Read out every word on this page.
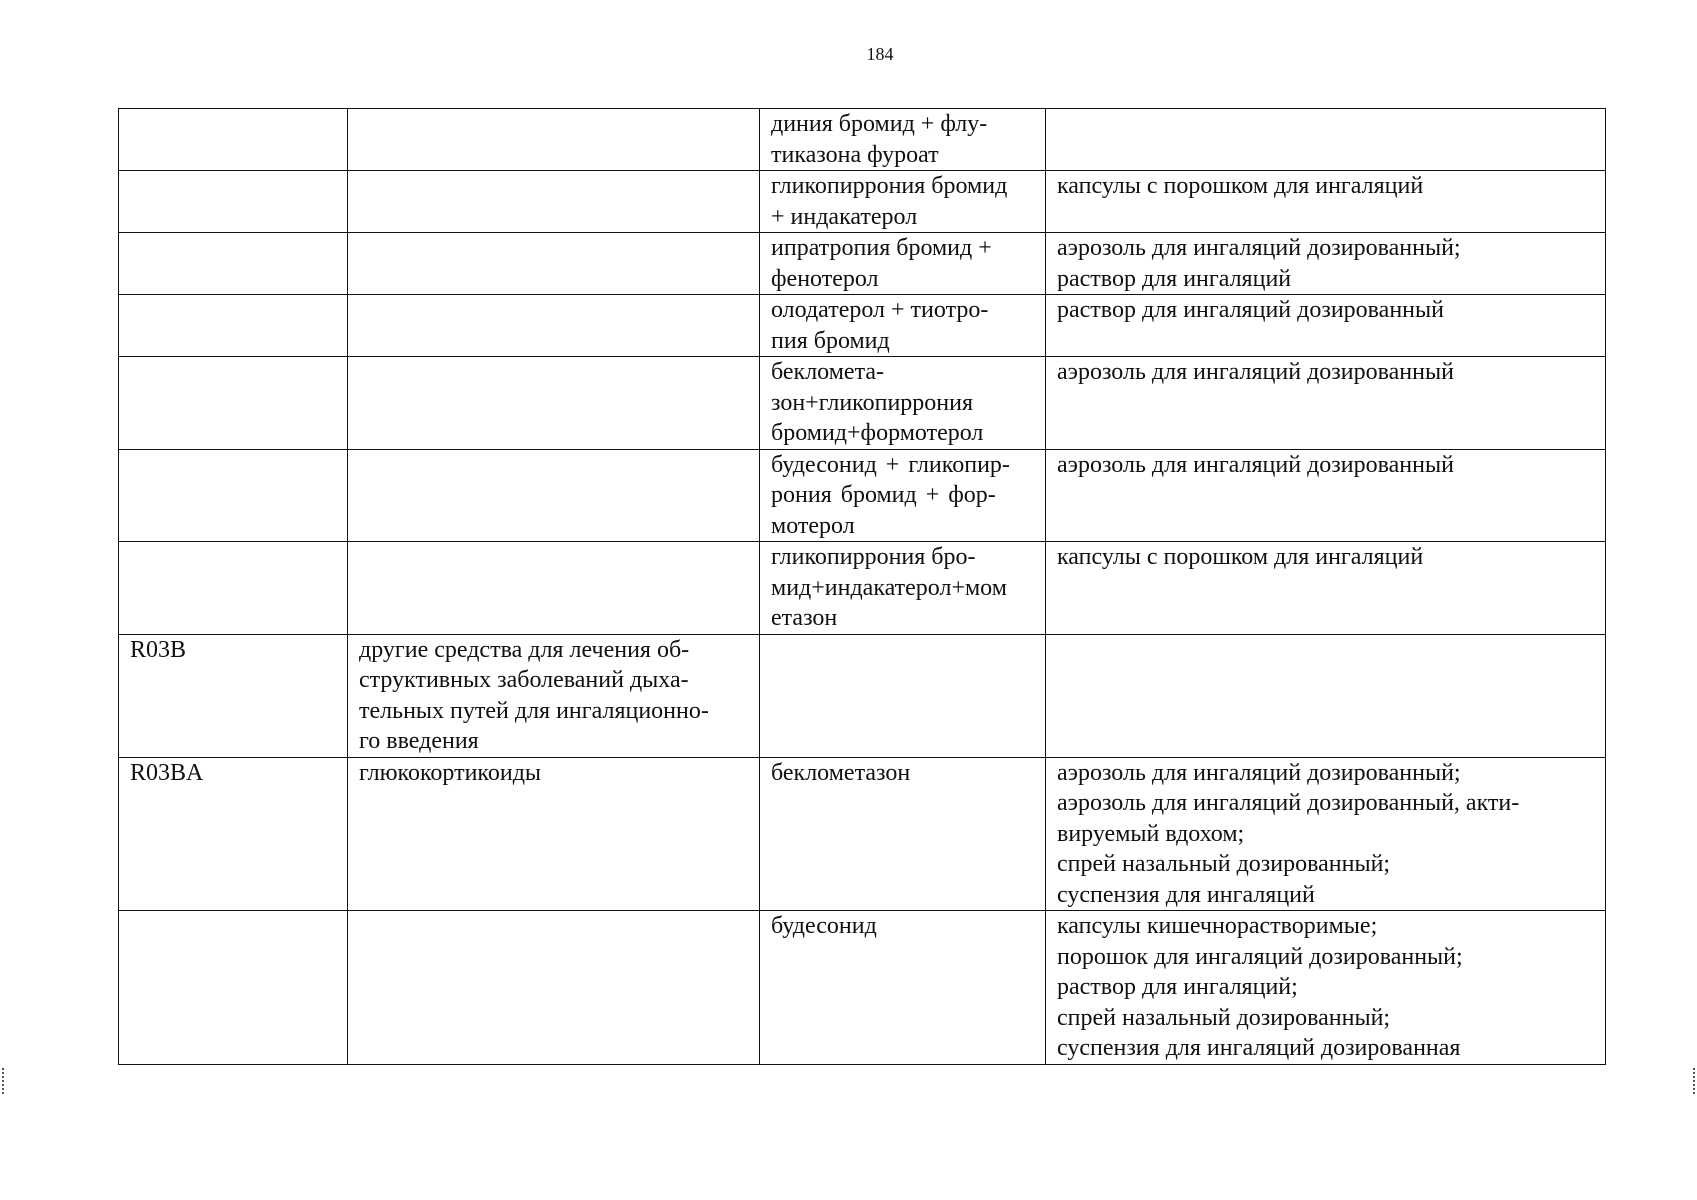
184
		диния бромид + флу-
тиказона фуроат	
		гликопиррония бромид
+ индакатерол	капсулы с порошком для ингаляций
		ипратропия бромид +
фенотерол	аэрозоль для ингаляций дозированный;
раствор для ингаляций
		олодатерол + тиотро-
пия бромид	раствор для ингаляций дозированный
		бекломета-
зон+гликопиррония
бромид+формотерол	аэрозоль для ингаляций дозированный
		будесонид + гликопир-
рония бромид + фор-
мотерол	аэрозоль для ингаляций дозированный
		гликопиррония бро-
мид+индакатерол+мом
етазон	капсулы с порошком для ингаляций
R03B	другие средства для лечения об-
структивных заболеваний дыха-
тельных путей для ингаляционно-
го введения		
R03BA	глюкокортикоиды	беклометазон	аэрозоль для ингаляций дозированный;
аэрозоль для ингаляций дозированный, акти-
вируемый вдохом;
спрей назальный дозированный;
суспензия для ингаляций
		будесонид	капсулы кишечнорастворимые;
порошок для ингаляций дозированный;
раствор для ингаляций;
спрей назальный дозированный;
суспензия для ингаляций дозированная
